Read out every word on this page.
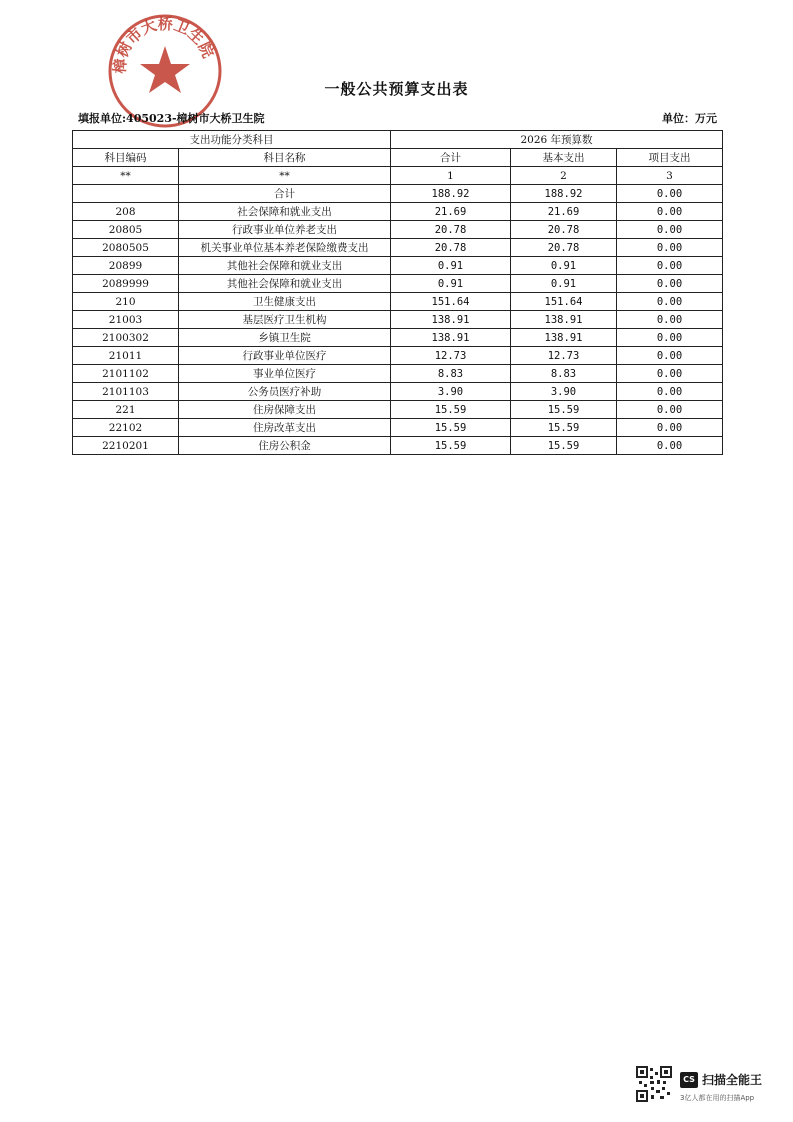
樟树市大桥卫生院
一般公共预算支出表
填报单位:405023-樟树市大桥卫生院	单位：万元
支出功能分类科目		2026 年预算数		
科目编码	科目名称	合计	基本支出	项目支出
**	**	1	2	3
	合计	188.92	188.92	0.00
208	社会保障和就业支出	21.69	21.69	0.00
20805	行政事业单位养老支出	20.78	20.78	0.00
2080505	机关事业单位基本养老保险缴费支出	20.78	20.78	0.00
20899	其他社会保障和就业支出	0.91	0.91	0.00
2089999	其他社会保障和就业支出	0.91	0.91	0.00
210	卫生健康支出	151.64	151.64	0.00
21003	基层医疗卫生机构	138.91	138.91	0.00
2100302	乡镇卫生院	138.91	138.91	0.00
21011	行政事业单位医疗	12.73	12.73	0.00
2101102	事业单位医疗	8.83	8.83	0.00
2101103	公务员医疗补助	3.90	3.90	0.00
221	住房保障支出	15.59	15.59	0.00
22102	住房改革支出	15.59	15.59	0.00
2210201	住房公积金	15.59	15.59	0.00
CS 扫描全能王
3亿人都在用的扫描App
